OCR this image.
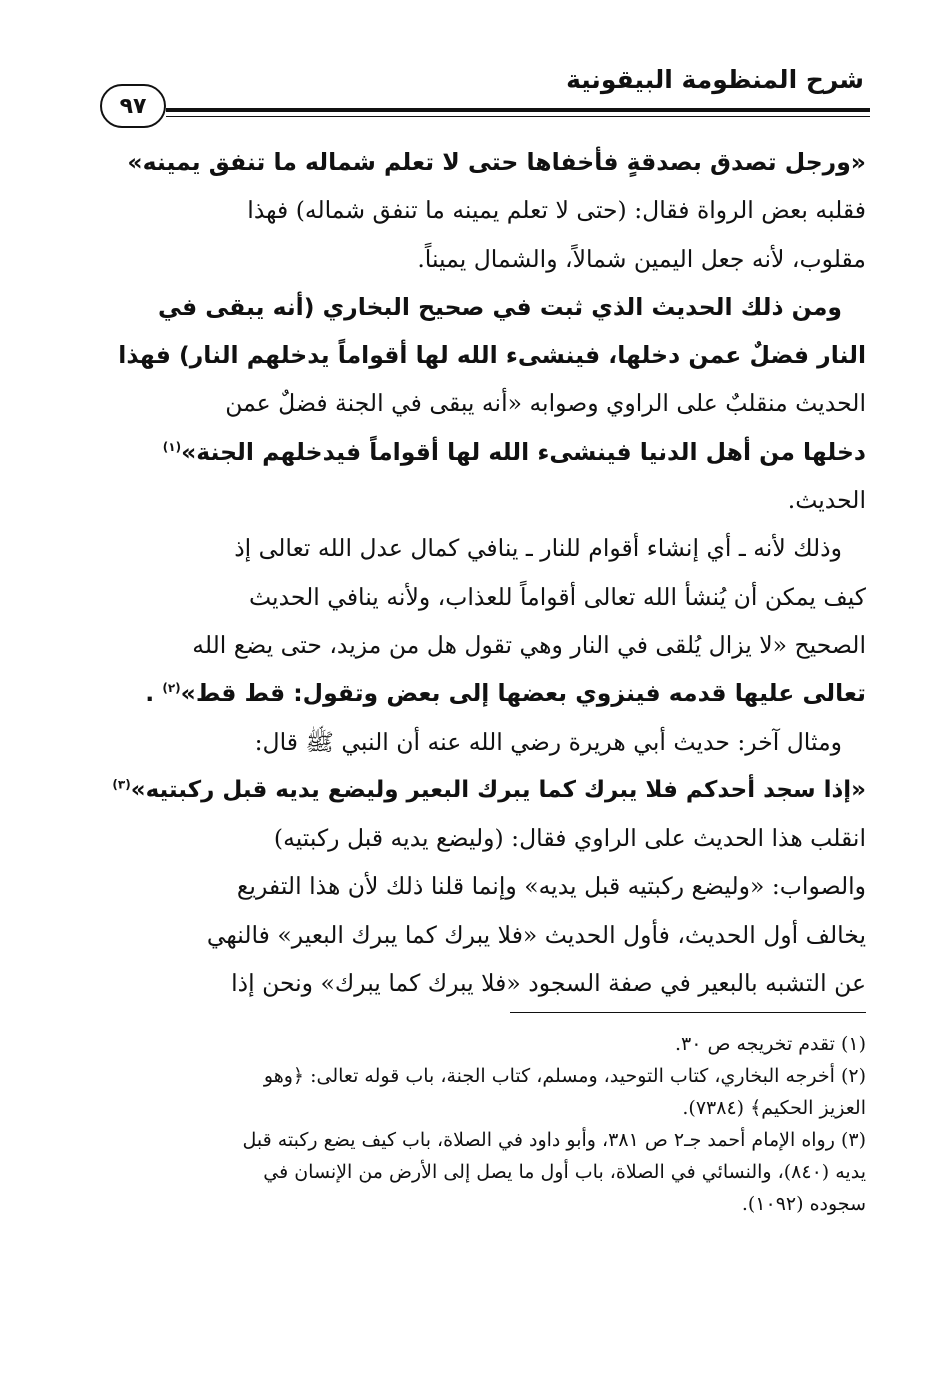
شرح المنظومة البيقونية
٩٧
«ورجل تصدق بصدقةٍ فأخفاها حتى لا تعلم شماله ما تنفق يمينه»
فقلبه بعض الرواة فقال: (حتى لا تعلم يمينه ما تنفق شماله) فهذا
مقلوب، لأنه جعل اليمين شمالاً، والشمال يميناً.
ومن ذلك الحديث الذي ثبت في صحيح البخاري (أنه يبقى في
النار فضلٌ عمن دخلها، فينشىء الله لها أقواماً يدخلهم النار) فهذا
الحديث منقلبٌ على الراوي وصوابه «أنه يبقى في الجنة فضلٌ عمن
دخلها من أهل الدنيا فينشىء الله لها أقواماً فيدخلهم الجنة»$^{(١)}$
الحديث.
وذلك لأنه ـ أي إنشاء أقوام للنار ـ ينافي كمال عدل الله تعالى إذ
كيف يمكن أن يُنشأ الله تعالى أقواماً للعذاب، ولأنه ينافي الحديث
الصحيح «لا يزال يُلقى في النار وهي تقول هل من مزيد، حتى يضع الله
تعالى عليها قدمه فينزوي بعضها إلى بعض وتقول: قط قط»$^{(٢)}$ .
ومثال آخر: حديث أبي هريرة رضي الله عنه أن النبي ﷺ قال:
«إذا سجد أحدكم فلا يبرك كما يبرك البعير وليضع يديه قبل ركبتيه»$^{(٣)}$
انقلب هذا الحديث على الراوي فقال: (وليضع يديه قبل ركبتيه)
والصواب: «وليضع ركبتيه قبل يديه» وإنما قلنا ذلك لأن هذا التفريع
يخالف أول الحديث، فأول الحديث «فلا يبرك كما يبرك البعير» فالنهي
عن التشبه بالبعير في صفة السجود «فلا يبرك كما يبرك» ونحن إذا
(١) تقدم تخريجه ص ٣٠.
(٢) أخرجه البخاري، كتاب التوحيد، ومسلم، كتاب الجنة، باب قوله تعالى: ﴿وهو
العزيز الحكيم﴾ (٧٣٨٤).
(٣) رواه الإمام أحمد جـ٢ ص ٣٨١، وأبو داود في الصلاة، باب كيف يضع ركبته قبل
يديه (٨٤٠)، والنسائي في الصلاة، باب أول ما يصل إلى الأرض من الإنسان في
سجوده (١٠٩٢).
